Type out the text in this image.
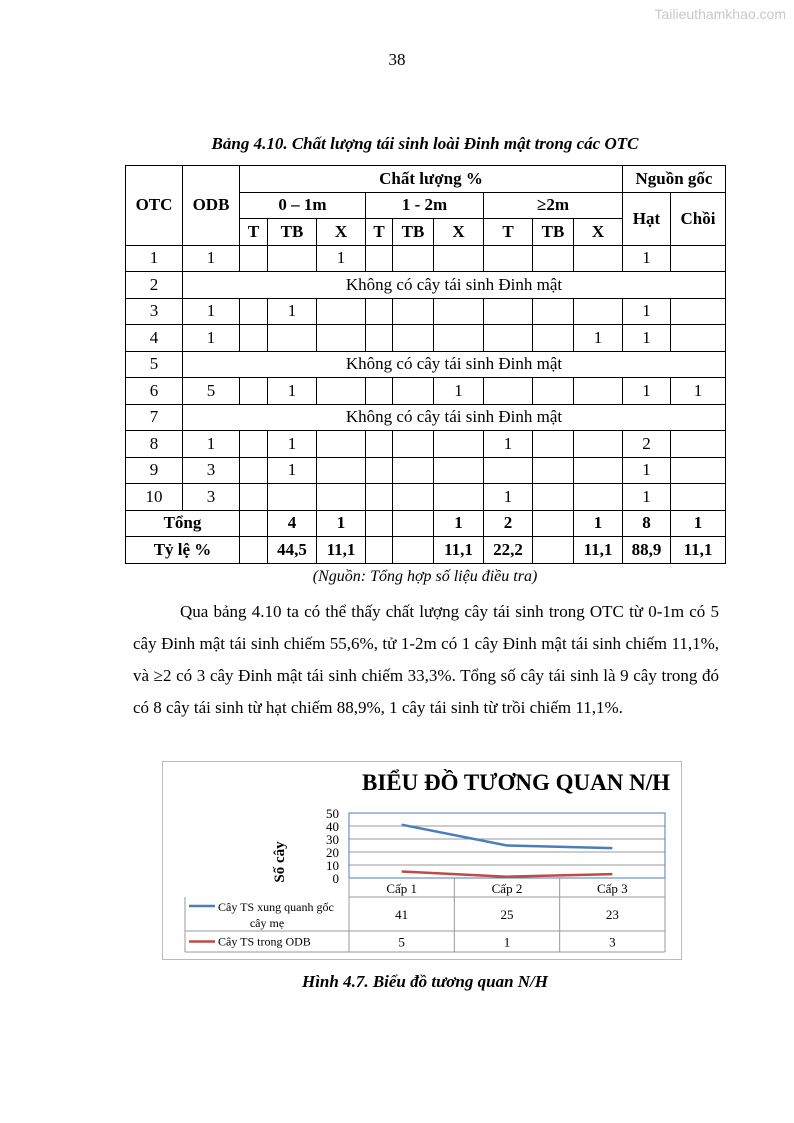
Tailieuthamkhao.com
38
Bảng 4.10. Chất lượng tái sinh loài Đinh mật trong các OTC
OTC	ODB	Chất lượng %									Nguồn gốc	
		0 – 1m			1 - 2m			≥2m			Hạt	Chồi
		T	TB	X	T	TB	X	T	TB	X		
1	1			1							1	
2	Không có cây tái sinh Đinh mật											
3	1		1								1	
4	1									1	1	
5	Không có cây tái sinh Đinh mật											
6	5		1				1				1	1
7	Không có cây tái sinh Đinh mật											
8	1		1					1			2	
9	3		1								1	
10	3							1			1	
Tổng			4	1			1	2		1	8	1
Tỷ lệ %			44,5	11,1			11,1	22,2		11,1	88,9	11,1
(Nguồn: Tổng hợp số liệu điều tra)
Qua bảng 4.10 ta có thể thấy chất lượng cây tái sinh trong OTC từ 0-1m có 5 cây Đinh mật tái sinh chiếm 55,6%, tử 1-2m có 1 cây Đinh mật tái sinh chiếm 11,1%, và ≥2 có 3 cây Đinh mật tái sinh chiếm 33,3%. Tổng số cây tái sinh là 9 cây trong đó có 8 cây tái sinh từ hạt chiếm 88,9%, 1 cây tái sinh từ trồi chiếm 11,1%.
BIỂU ĐỒ TƯƠNG QUAN N/H
Số cây	0
10
20
30
40
50
Cấp 1	Cấp 2	Cấp 3
Cây TS xung quanh gốc
cây mẹ
41	25	23
Cây TS trong ODB	5	1	3
Hình 4.7. Biểu đồ tương quan N/H
